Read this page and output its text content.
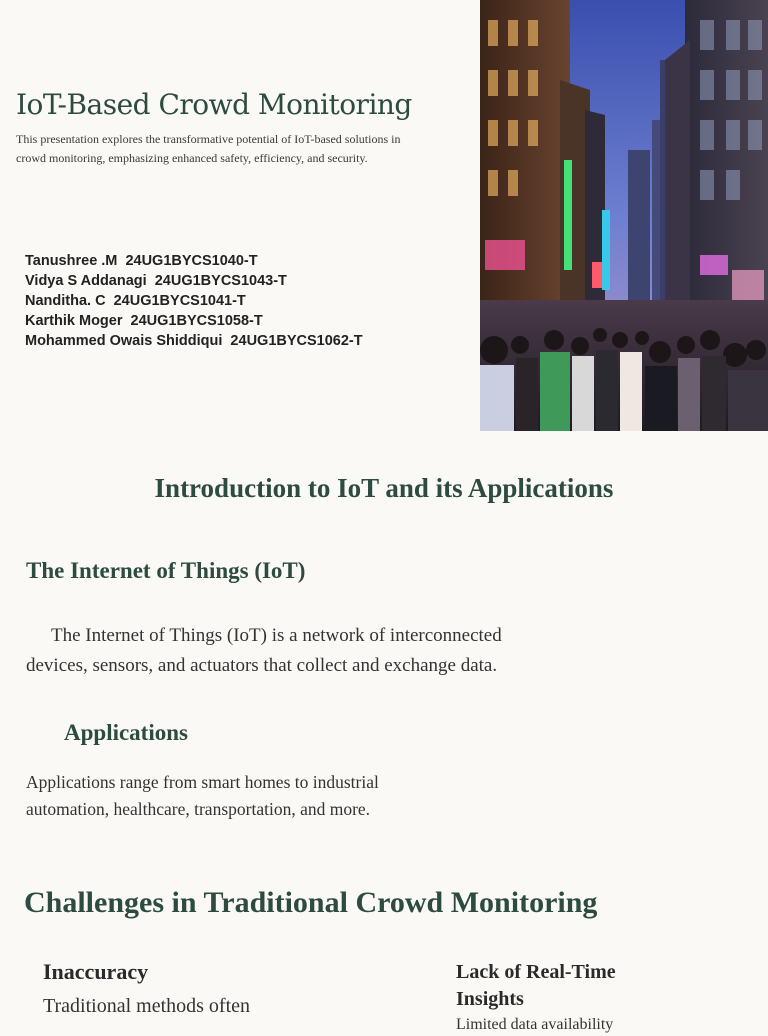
IoT-Based Crowd Monitoring

This presentation explores the transformative potential of IoT-based solutions in crowd monitoring, emphasizing enhanced safety, efficiency, and security.

Tanushree .M  24UG1BYCS1040-T
Vidya S Addanagi  24UG1BYCS1043-T
Nanditha. C  24UG1BYCS1041-T
Karthik Moger  24UG1BYCS1058-T
Mohammed Owais Shiddiqui  24UG1BYCS1062-T
Introduction to IoT and its Applications
The Internet of Things (IoT)

The Internet of Things (IoT) is a network of interconnected devices, sensors, and actuators that collect and exchange data.

Applications

Applications range from smart homes to industrial automation, healthcare, transportation, and more.

Challenges in Traditional Crowd Monitoring
Inaccuracy

Traditional methods often

Lack of Real-Time Insights

Limited data availability
